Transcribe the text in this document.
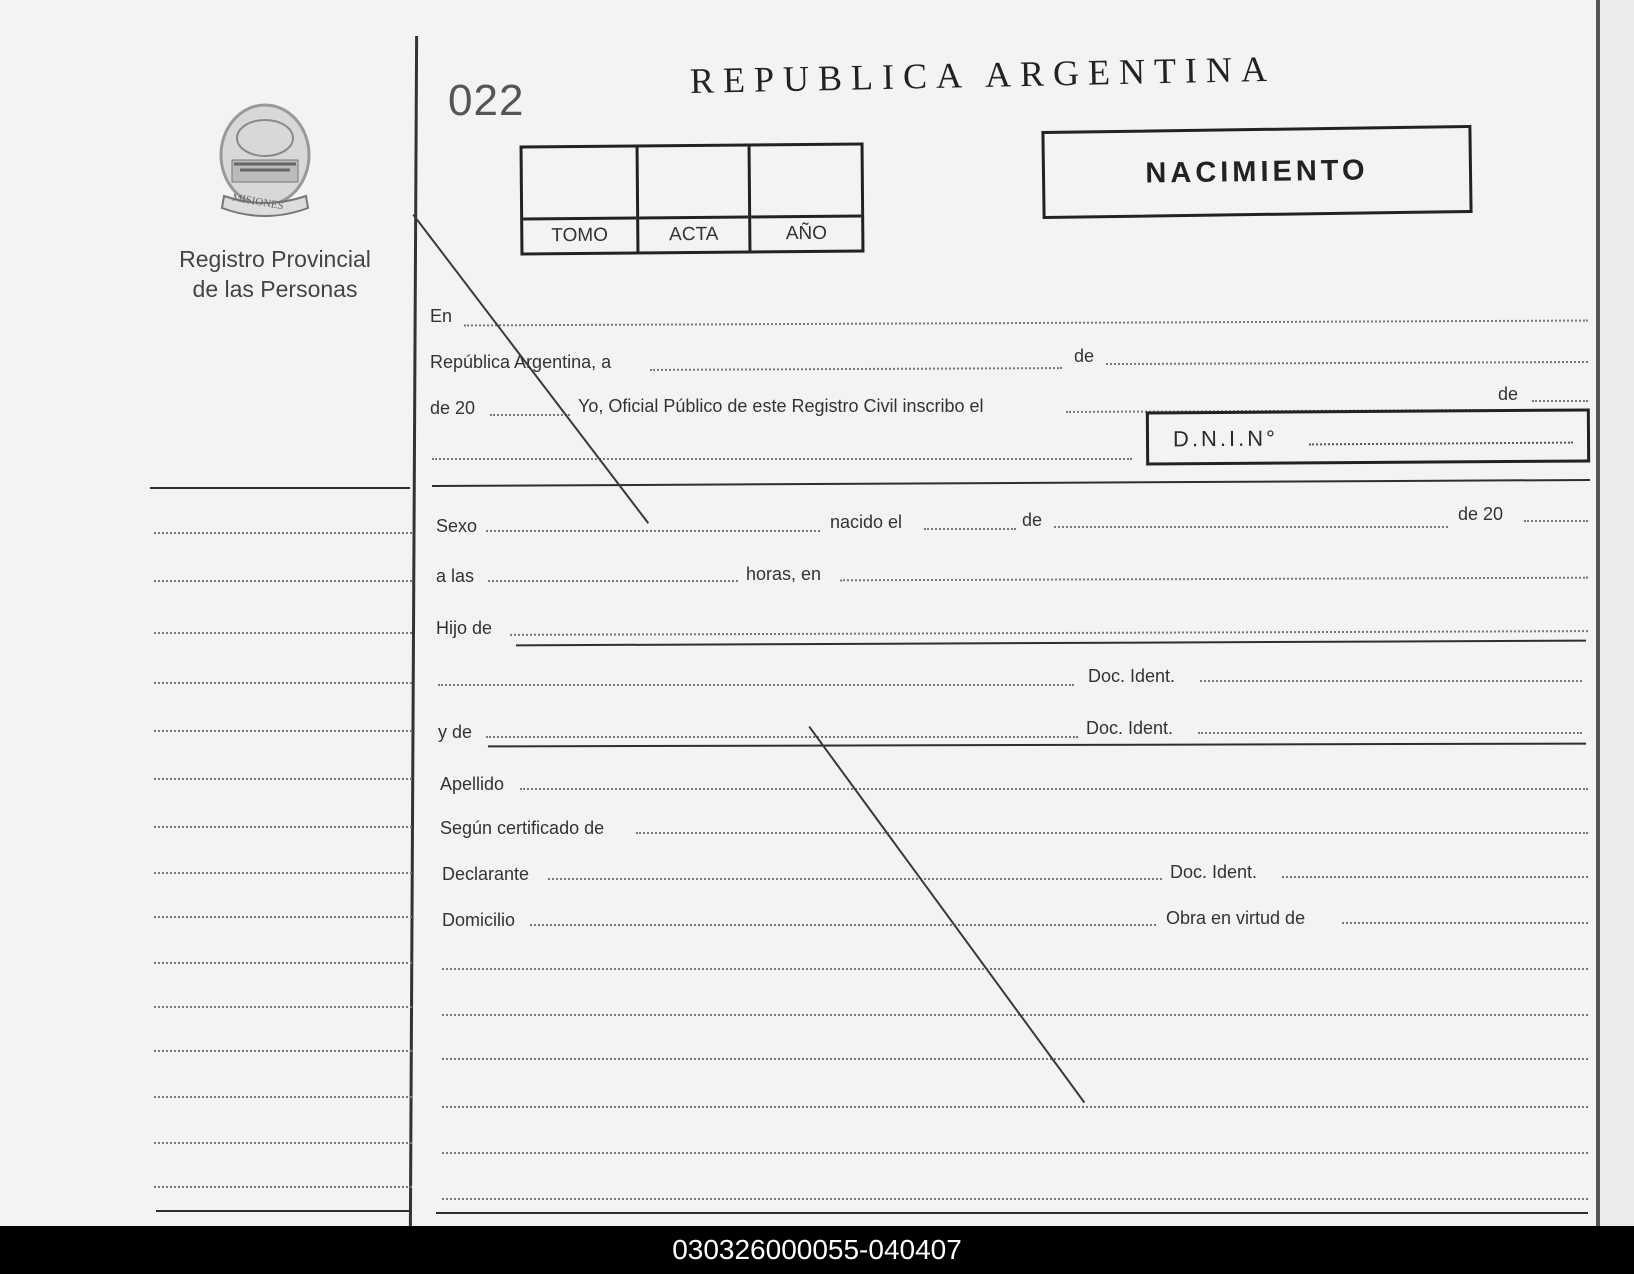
MISIONES
Registro Provincial
de las Personas
022	REPUBLICA ARGENTINA
TOMO	ACTA	AÑO
NACIMIENTO
En
República Argentina, a	de
de 20	Yo, Oficial Público de este Registro Civil inscribo el
de
D.N.I.N°
Sexo	nacido el	de	de 20
a las	horas, en
Hijo de
Doc. Ident.
y de	Doc. Ident.
Apellido
Según certificado de
Declarante	Doc. Ident.
Domicilio	Obra en virtud de
030326000055-040407
